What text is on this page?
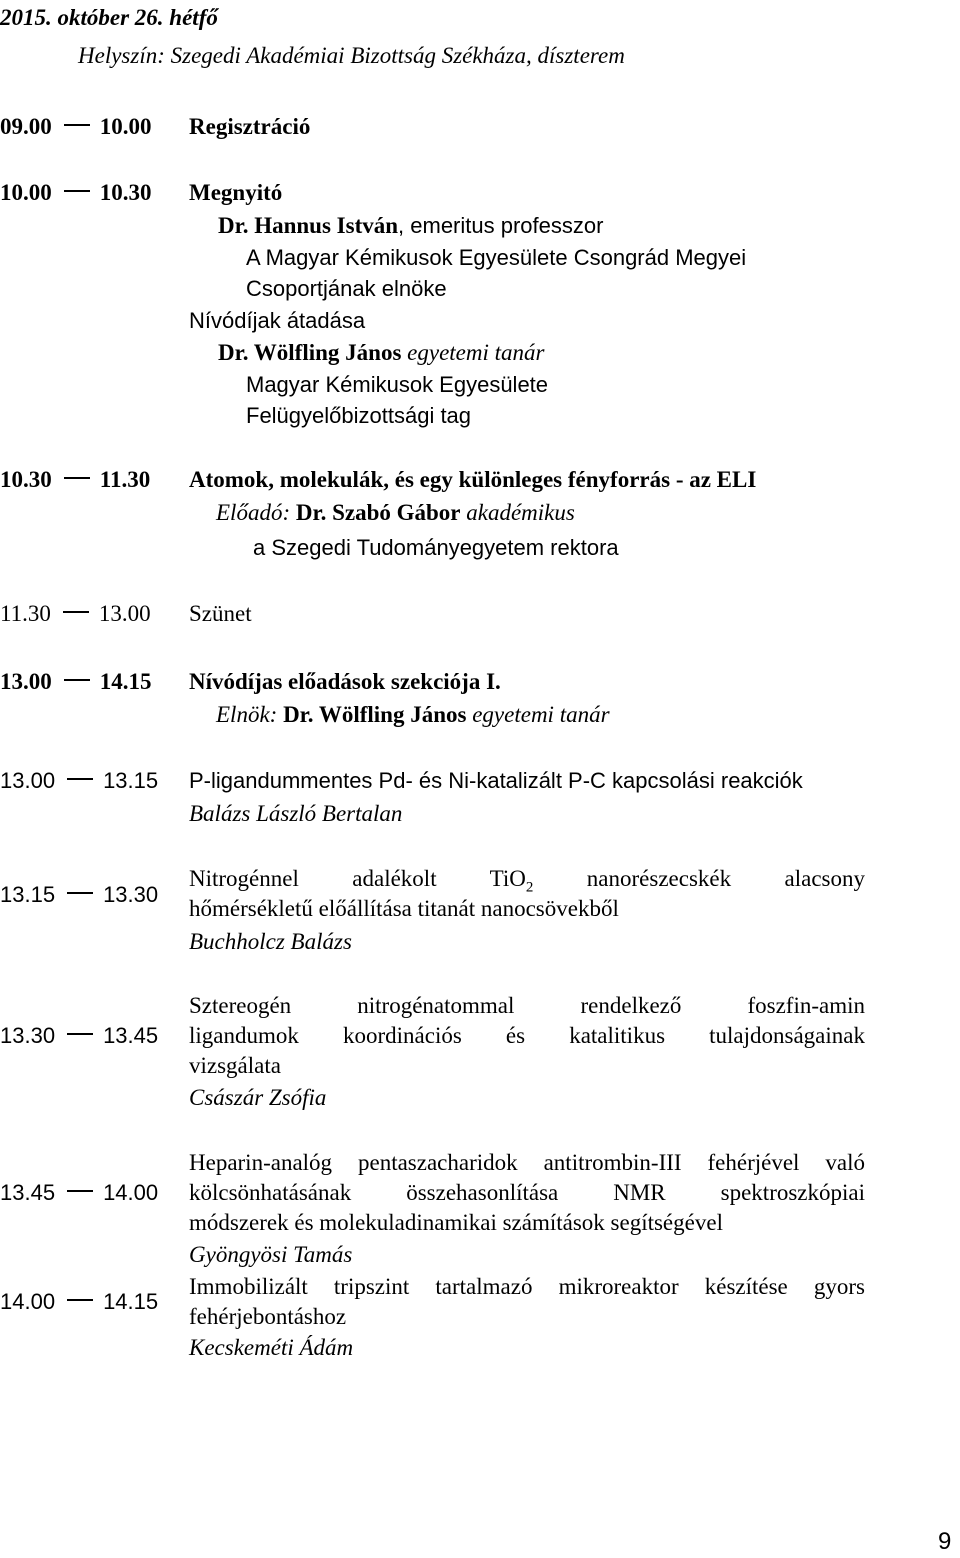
2015. október 26. hétfő
Helyszín: Szegedi Akadémiai Bizottság Székháza, díszterem
09.00 10.00 Regisztráció
10.00 10.30 Megnyitó
Dr. Hannus István, emeritus professzor
A Magyar Kémikusok Egyesülete Csongrád Megyei
Csoportjának elnöke
Nívódíjak átadása
Dr. Wölfling János egyetemi tanár
Magyar Kémikusok Egyesülete
Felügyelőbizottsági tag
10.30 11.30 Atomok, molekulák, és egy különleges fényforrás - az ELI
Előadó: Dr. Szabó Gábor akadémikus
a Szegedi Tudományegyetem rektora
11.30 13.00 Szünet
13.00 14.15 Nívódíjas előadások szekciója I.
Elnök: Dr. Wölfling János egyetemi tanár
13.00 13.15 P-ligandummentes Pd- és Ni-katalizált P-C kapcsolási reakciók
Balázs László Bertalan
13.15 13.30
Nitrogénnel adalékolt TiO$_2$ nanorészecskék alacsony
hőmérsékletű előállítása titanát nanocsövekből
Buchholcz Balázs
13.30 13.45
Sztereogén nitrogénatommal rendelkező foszfin-amin
ligandumok koordinációs és katalitikus tulajdonságainak
vizsgálata
Császár Zsófia
13.45 14.00
Heparin-analóg pentaszacharidok antitrombin-III fehérjével való
kölcsönhatásának összehasonlítása NMR spektroszkópiai
módszerek és molekuladinamikai számítások segítségével
Gyöngyösi Tamás
14.00 14.15
Immobilizált tripszint tartalmazó mikroreaktor készítése gyors
fehérjebontáshoz
Kecskeméti Ádám
9
